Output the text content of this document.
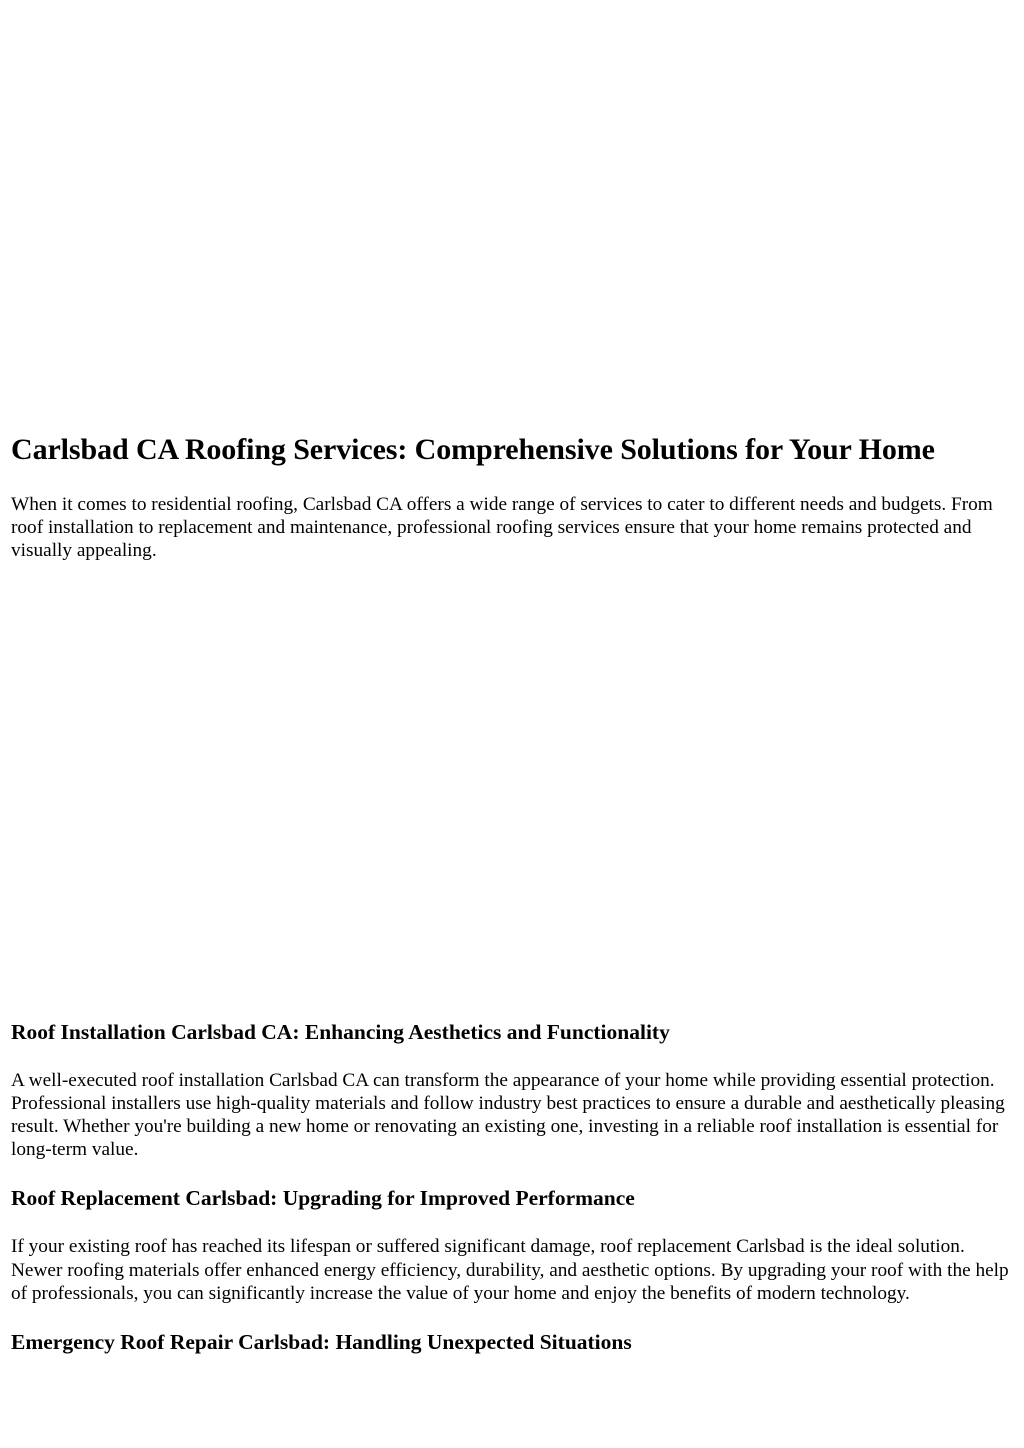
Carlsbad CA Roofing Services: Comprehensive Solutions for Your Home

When it comes to residential roofing, Carlsbad CA offers a wide range of services to cater to different needs and budgets. From roof installation to replacement and maintenance, professional roofing services ensure that your home remains protected and visually appealing.

Roof Installation Carlsbad CA: Enhancing Aesthetics and Functionality

A well-executed roof installation Carlsbad CA can transform the appearance of your home while providing essential protection. Professional installers use high-quality materials and follow industry best practices to ensure a durable and aesthetically pleasing result. Whether you're building a new home or renovating an existing one, investing in a reliable roof installation is essential for long-term value.

Roof Replacement Carlsbad: Upgrading for Improved Performance

If your existing roof has reached its lifespan or suffered significant damage, roof replacement Carlsbad is the ideal solution. Newer roofing materials offer enhanced energy efficiency, durability, and aesthetic options. By upgrading your roof with the help of professionals, you can significantly increase the value of your home and enjoy the benefits of modern technology.

Emergency Roof Repair Carlsbad: Handling Unexpected Situations
